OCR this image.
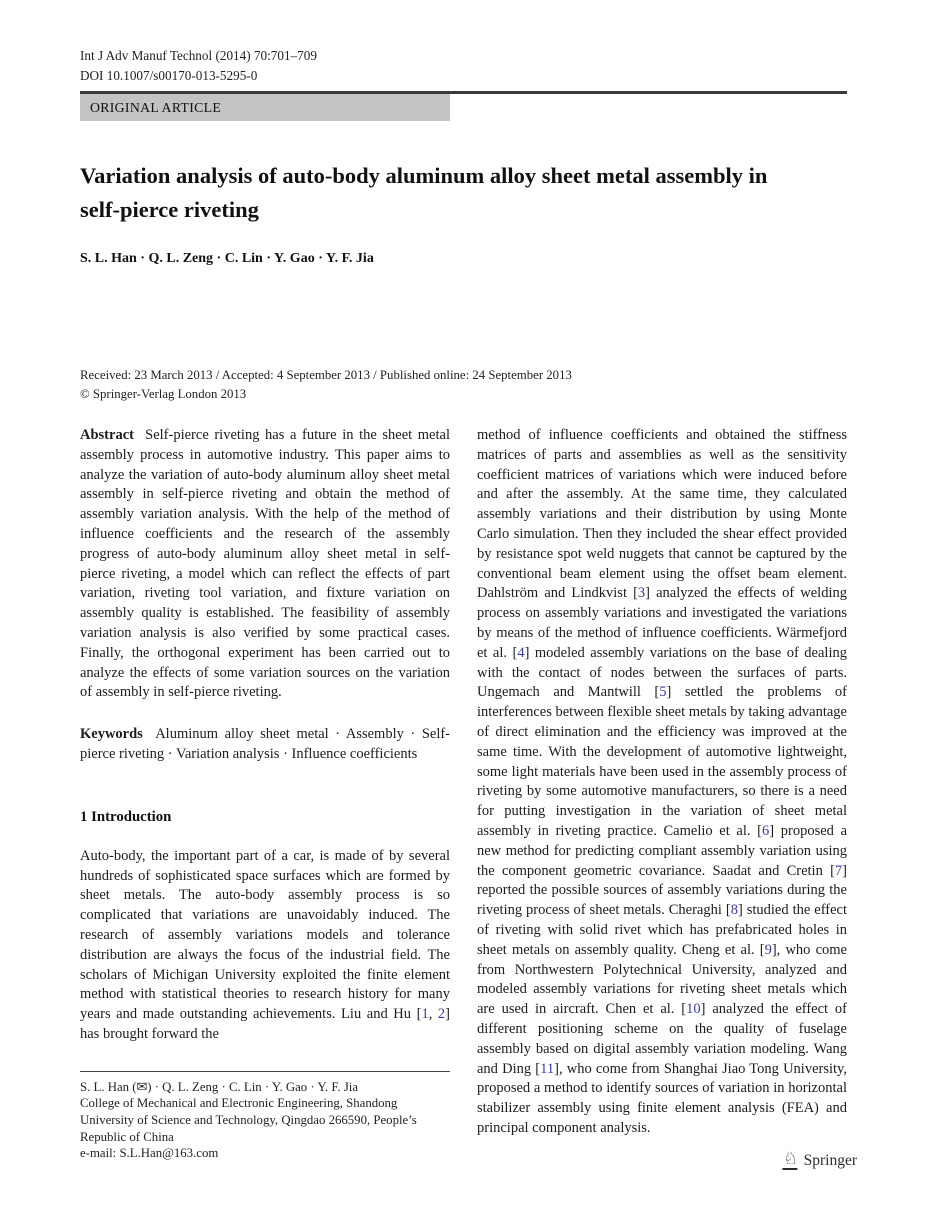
Int J Adv Manuf Technol (2014) 70:701–709
DOI 10.1007/s00170-013-5295-0
ORIGINAL ARTICLE
Variation analysis of auto-body aluminum alloy sheet metal assembly in self-pierce riveting
S. L. Han · Q. L. Zeng · C. Lin · Y. Gao · Y. F. Jia
Received: 23 March 2013 / Accepted: 4 September 2013 / Published online: 24 September 2013
© Springer-Verlag London 2013

Abstract Self-pierce riveting has a future in the sheet metal assembly process in automotive industry. This paper aims to analyze the variation of auto-body aluminum alloy sheet metal assembly in self-pierce riveting and obtain the method of assembly variation analysis. With the help of the method of influence coefficients and the research of the assembly progress of auto-body aluminum alloy sheet metal in self-pierce riveting, a model which can reflect the effects of part variation, riveting tool variation, and fixture variation on assembly quality is established. The feasibility of assembly variation analysis is also verified by some practical cases. Finally, the orthogonal experiment has been carried out to analyze the effects of some variation sources on the variation of assembly in self-pierce riveting.

Keywords Aluminum alloy sheet metal · Assembly · Self-pierce riveting · Variation analysis · Influence coefficients

1 Introduction

Auto-body, the important part of a car, is made of by several hundreds of sophisticated space surfaces which are formed by sheet metals. The auto-body assembly process is so complicated that variations are unavoidably induced. The research of assembly variations models and tolerance distribution are always the focus of the industrial field. The scholars of Michigan University exploited the finite element method with statistical theories to research history for many years and made outstanding achievements. Liu and Hu [1, 2] has brought forward the

S. L. Han (✉) · Q. L. Zeng · C. Lin · Y. Gao · Y. F. Jia
College of Mechanical and Electronic Engineering, Shandong University of Science and Technology, Qingdao 266590, People’s Republic of China
e-mail: S.L.Han@163.com

method of influence coefficients and obtained the stiffness matrices of parts and assemblies as well as the sensitivity coefficient matrices of variations which were induced before and after the assembly. At the same time, they calculated assembly variations and their distribution by using Monte Carlo simulation. Then they included the shear effect provided by resistance spot weld nuggets that cannot be captured by the conventional beam element using the offset beam element. Dahlström and Lindkvist [3] analyzed the effects of welding process on assembly variations and investigated the variations by means of the method of influence coefficients. Wärmefjord et al. [4] modeled assembly variations on the base of dealing with the contact of nodes between the surfaces of parts. Ungemach and Mantwill [5] settled the problems of interferences between flexible sheet metals by taking advantage of direct elimination and the efficiency was improved at the same time. With the development of automotive lightweight, some light materials have been used in the assembly process of riveting by some automotive manufacturers, so there is a need for putting investigation in the variation of sheet metal assembly in riveting practice. Camelio et al. [6] proposed a new method for predicting compliant assembly variation using the component geometric covariance. Saadat and Cretin [7] reported the possible sources of assembly variations during the riveting process of sheet metals. Cheraghi [8] studied the effect of riveting with solid rivet which has prefabricated holes in sheet metals on assembly quality. Cheng et al. [9], who come from Northwestern Polytechnical University, analyzed and modeled assembly variations for riveting sheet metals which are used in aircraft. Chen et al. [10] analyzed the effect of different positioning scheme on the quality of fuselage assembly based on digital assembly variation modeling. Wang and Ding [11], who come from Shanghai Jiao Tong University, proposed a method to identify sources of variation in horizontal stabilizer assembly using finite element analysis (FEA) and principal component analysis.

♘ Springer
